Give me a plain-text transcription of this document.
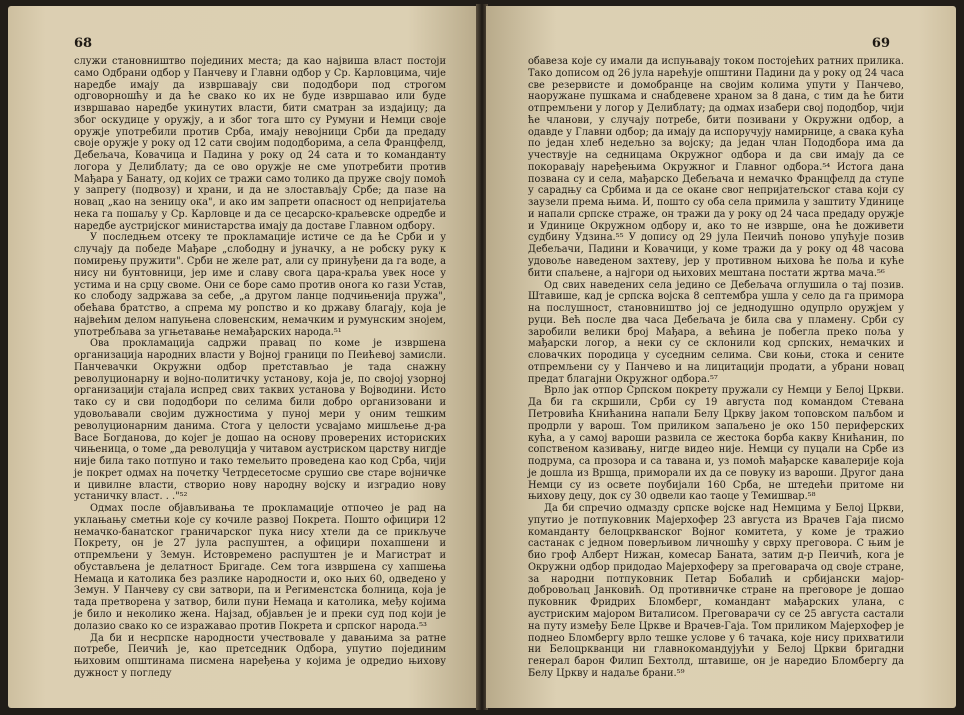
68

служи становништво појединих места; да као највиша власт постоји само Одбрани одбор у Панчеву и Главни одбор у Ср. Карловцима, чије наредбе имају да извршавају сви пододбори под строгом одговорношћу и да ће свако ко их не буде извршавао или буде извршавао наредбе укинутих власти, бити сматран за издајицу; да због оскудице у оружју, а и због тога што су Румуни и Немци своје оружје употребили против Срба, имају невојници Срби да предаду своје оружје у року од 12 сати својим пододборима, а села Францфелд, Дебељача, Ковачица и Падина у року од 24 сата и то команданту логора у Делиблату; да се ово оружје не сме употребити против Мађара у Банату, од којих се тражи само толико да пруже своју помоћ у запрегу (подвозу) и храни, и да не злостављају Србе; да пазе на новац „као на зеницу ока", и ако им запрети опасност од непријатеља нека га пошаљу у Ср. Карловце и да се цесарско-краљевске одредбе и наредбе аустријског министарства имају да доставе Главном одбору.

У последњем отсеку те прокламације истиче се да ће Срби и у случају да победе Мађаре „слободну и јуначку, а не робску руку к помирењу пружити". Срби не желе рат, али су принуђени да га воде, а нису ни бунтовници, јер име и славу свога цара-краља увек носе у устима и на срцу своме. Они се боре само против онога ко гази Устав, ко слободу задржава за себе, „а другом ланце подчињенија пружа", обећава братство, а спрема му ропство и ко државу благају, која је највећим делом напуњена словенским, немачким и румунским зноjем, употребљава за угњетавање немађарских народа.⁵¹

Ова прокламација садржи правац по коме је извршена организација народних власти у Војној граници по Пеићевој замисли. Панчевачки Окружни одбор претстављао је тада снажну револуционарну и војно-политичку установу, која је, по својој узорној организацији стајала испред свих таквих установа у Војводини. Исто тако су и сви пододбори по селима били добро организовани и удовољавали својим дужностима у пуној мери у оним тешким револуционарним данима. Стога у целости усвајамо мишљење д-ра Васе Богданова, до којег је дошао на основу проверених историских чињеница, о томе „да револуција у читавом аустриском царству нигдје није била тако потпуно и тако темељито проведена као код Срба, чији је покрет одмах на почетку Четрдесетосме срушио све старе војничке и цивилне власти, створио нову народну војску и изградио нову устаничку власт. . ."⁵²

Одмах после објављивања те прокламације отпочео је рад на уклањању сметњи које су кочиле развој Покрета. Пошто официри 12 немачко-банатског граничарског пука нису хтели да се прикључе Покрету, он је 27 јула распуштен, а официри похапшени и отпремљени у Земун. Истовремено распуштен је и Магистрат и обустављена је делатност Бригаде. Сем тога извршена су хапшења Немаца и католика без разлике народности и, око њих 60, одведено у Земун. У Панчеву су сви затвори, па и Регименстска болница, која је тада претворена у затвор, били пуни Немаца и католика, међу којима је било и неколико жена. Најзад, објављен је и преки суд под који је долазио свако ко се изражавао против Покрета и српског народа.⁵³

Да би и несрпске народности учествовале у давањима за ратне потребе, Пеичић је, као претседник Одбора, упутио појединим њиховим општинама писмена наређења у којима је одредио њихову дужност у погледу

69

обавеза које су имали да испуњавају током постојећих ратних прилика. Тако дописом од 26 јула нарећује општини Падини да у року од 24 часа све резервисте и домобранце на својим колима упути у Панчево, наоружане пушкама и снабдевене храном за 8 дана, с тим да ће бити отпремљени у логор у Делиблату; да одмах изабери свој пододбор, чији ће чланови, у случају потребе, бити позивани у Окружни одбор, а одавде у Главни одбор; да имају да испоручују намирнице, а свака кућа по један хлеб недељно за војску; да један члан Пододбора има да учествује на седницама Окружног одбора и да сви имају да се покоравају наређењима Окружног и Главног одбора.⁵⁴ Истога дана позвана су и села, мађарско Дебељача и немачко Францфелд да ступе у сарадњу са Србима и да се окане свог непријатељског става који су заузели према њима. И, пошто су оба села примила у заштиту Удинице и напали српске страже, он тражи да у року од 24 часа предаду оружје и Удинице Окружном одбору и, ако то не изврше, она ће доживети судбину Удзина.⁵⁵ У допису од 29 јула Пеичић поново упућује позив Дебељачи, Падини и Ковачици, у коме тражи да у року од 48 часова удовоље наведеном захтеву, јер у противном њихова ће поља и куће бити спаљене, а најгори од њихових мештана постати жртва мача.⁵⁶

Од свих наведених села једино се Дебељача оглушила о тај позив. Штавише, кад је српска војска 8 септембра ушла у село да га примора на послушност, становништво јој се једнодушно одупрло оружјем у руци. Већ после два часа Дебељача је била сва у пламену. Срби су заробили велики број Мађара, а већина је побегла преко поља у мађарски логор, а неки су се склонили код српских, немачких и словачких породица у суседним селима. Сви коњи, стока и сените отпремљени су у Панчево и на лицитацији продати, а убрани новац предат благајни Окружног одбора.⁵⁷

Врло јак отпор Српском покрету пружали су Немци у Белој Цркви. Да би га скршили, Срби су 19 августа под командом Стевана Петровића Книћанина напали Белу Цркву јаком топовском паљбом и продрли у варош. Том приликом запаљено је око 150 периферских кућа, а у самој вароши развила се жестока борба какву Книћанин, по сопственом казивању, нигде видео није. Немци су пуцали на Србе из подрума, са прозора и са тавана и, уз помоћ мађарске кавалерије која је дошла из Вршца, приморали их да се повуку из вароши. Другог дана Немци су из освете поубијали 160 Срба, не штедећи притоме ни њихову децу, док су 30 одвели као таоце у Темишвар.⁵⁸

Да би спречио одмазду српске војске над Немцима у Белој Цркви, упутио је потпуковник Мајерхофер 23 августа из Врачев Гаја писмо команданту белоцркванског Војног комитета, у коме је тражио састанак с једном поверљивом личношћу у сврху преговора. С њим је био гроф Алберт Нижан, комесар Баната, затим д-р Пеичић, кога је Окружни одбор придодао Мајерхоферу за преговарача од своје стране, за народни потпуковник Петар Бобалић и србијански мајор-добровољац Јанковић. Од противничке стране на преговоре је дошао пуковник Фридрих Бломберг, командант мађарских улана, с аустриским мајором Виталисом. Преговарачи су се 25 августа састали на путу између Беле Цркве и Врачев-Гаја. Том приликом Мајерхофер је поднео Бломбергу врло тешке услове у 6 тачака, које нису прихватили ни Белоцркванци ни главнокомандујући у Белој Цркви бригадни генерал барон Филип Бехтолд, штавише, он је наредио Бломбергу да Белу Цркву и надаље брани.⁵⁹
